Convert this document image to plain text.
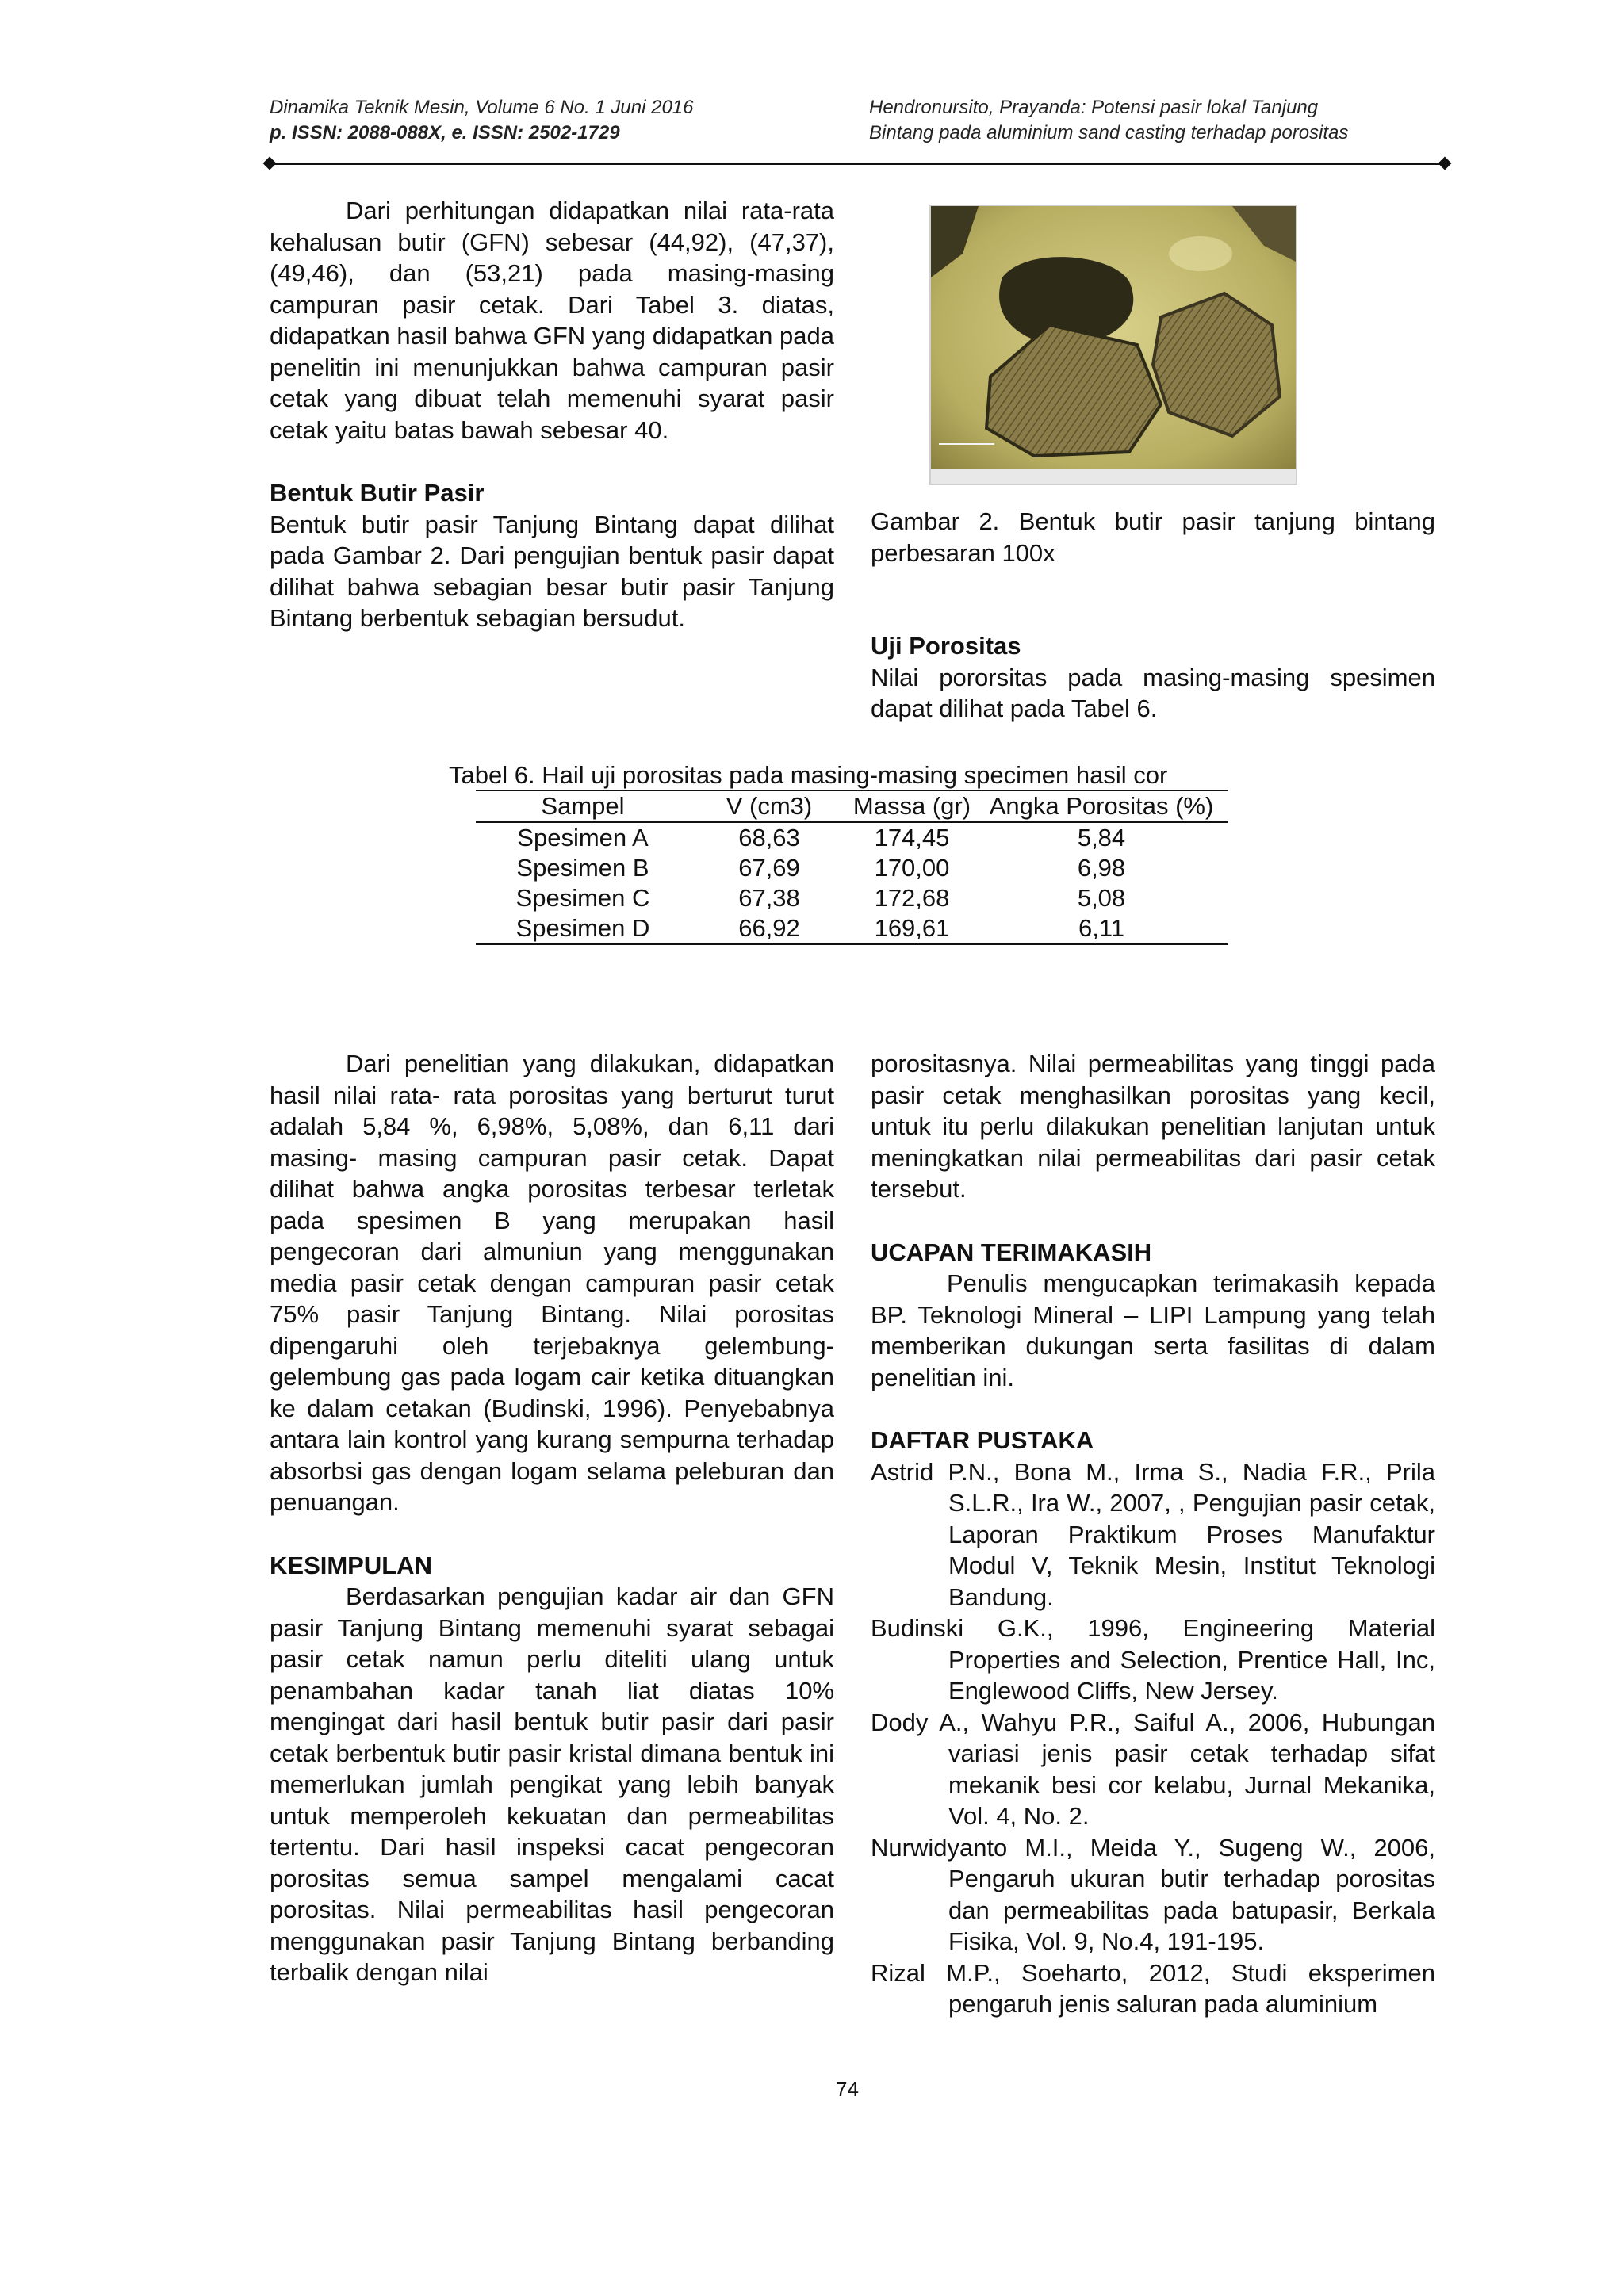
Dinamika Teknik Mesin, Volume 6 No. 1 Juni 2016
p. ISSN: 2088-088X, e. ISSN: 2502-1729
Hendronursito, Prayanda: Potensi pasir lokal Tanjung
Bintang pada aluminium sand casting terhadap porositas

Dari perhitungan didapatkan nilai rata-rata kehalusan butir (GFN) sebesar (44,92), (47,37), (49,46), dan (53,21) pada masing-masing campuran pasir cetak. Dari Tabel 3. diatas, didapatkan hasil bahwa GFN yang didapatkan pada penelitin ini menunjukkan bahwa campuran pasir cetak yang dibuat telah memenuhi syarat pasir cetak yaitu batas bawah sebesar 40.

Bentuk Butir Pasir

Bentuk butir pasir Tanjung Bintang dapat dilihat pada Gambar 2. Dari pengujian bentuk pasir dapat dilihat bahwa sebagian besar butir pasir Tanjung Bintang berbentuk sebagian bersudut.

Gambar 2. Bentuk butir pasir tanjung bintang perbesaran 100x

Uji Porositas

Nilai pororsitas pada masing-masing spesimen dapat dilihat pada Tabel 6.

Tabel 6. Hail uji porositas pada masing-masing specimen hasil cor
Sampel	V (cm3)	Massa (gr)	Angka Porositas (%)
Spesimen A	68,63	174,45	5,84
Spesimen B	67,69	170,00	6,98
Spesimen C	67,38	172,68	5,08
Spesimen D	66,92	169,61	6,11

Dari penelitian yang dilakukan, didapatkan hasil nilai rata- rata porositas yang berturut turut adalah 5,84 %, 6,98%, 5,08%, dan 6,11 dari masing- masing campuran pasir cetak. Dapat dilihat bahwa angka porositas terbesar terletak pada spesimen B yang merupakan hasil pengecoran dari almuniun yang menggunakan media pasir cetak dengan campuran pasir cetak 75% pasir Tanjung Bintang. Nilai porositas dipengaruhi oleh terjebaknya gelembung-gelembung gas pada logam cair ketika dituangkan ke dalam cetakan (Budinski, 1996). Penyebabnya antara lain kontrol yang kurang sempurna terhadap absorbsi gas dengan logam selama peleburan dan penuangan.

KESIMPULAN

Berdasarkan pengujian kadar air dan GFN pasir Tanjung Bintang memenuhi syarat sebagai pasir cetak namun perlu diteliti ulang untuk penambahan kadar tanah liat diatas 10% mengingat dari hasil bentuk butir pasir dari pasir cetak berbentuk butir pasir kristal dimana bentuk ini memerlukan jumlah pengikat yang lebih banyak untuk memperoleh kekuatan dan permeabilitas tertentu. Dari hasil inspeksi cacat pengecoran porositas semua sampel mengalami cacat porositas. Nilai permeabilitas hasil pengecoran menggunakan pasir Tanjung Bintang berbanding terbalik dengan nilai

porositasnya. Nilai permeabilitas yang tinggi pada pasir cetak menghasilkan porositas yang kecil, untuk itu perlu dilakukan penelitian lanjutan untuk meningkatkan nilai permeabilitas dari pasir cetak tersebut.

UCAPAN TERIMAKASIH

Penulis mengucapkan terimakasih kepada BP. Teknologi Mineral – LIPI Lampung yang telah memberikan dukungan serta fasilitas di dalam penelitian ini.

DAFTAR PUSTAKA

Astrid P.N., Bona M., Irma S., Nadia F.R., Prila S.L.R., Ira W., 2007, , Pengujian pasir cetak, Laporan Praktikum Proses Manufaktur Modul V, Teknik Mesin, Institut Teknologi Bandung.

Budinski G.K., 1996, Engineering Material Properties and Selection, Prentice Hall, Inc, Englewood Cliffs, New Jersey.

Dody A., Wahyu P.R., Saiful A., 2006, Hubungan variasi jenis pasir cetak terhadap sifat mekanik besi cor kelabu, Jurnal Mekanika, Vol. 4, No. 2.

Nurwidyanto M.I., Meida Y., Sugeng W., 2006, Pengaruh ukuran butir terhadap porositas dan permeabilitas pada batupasir, Berkala Fisika, Vol. 9, No.4, 191-195.

Rizal M.P., Soeharto, 2012, Studi eksperimen pengaruh jenis saluran pada aluminium

74
